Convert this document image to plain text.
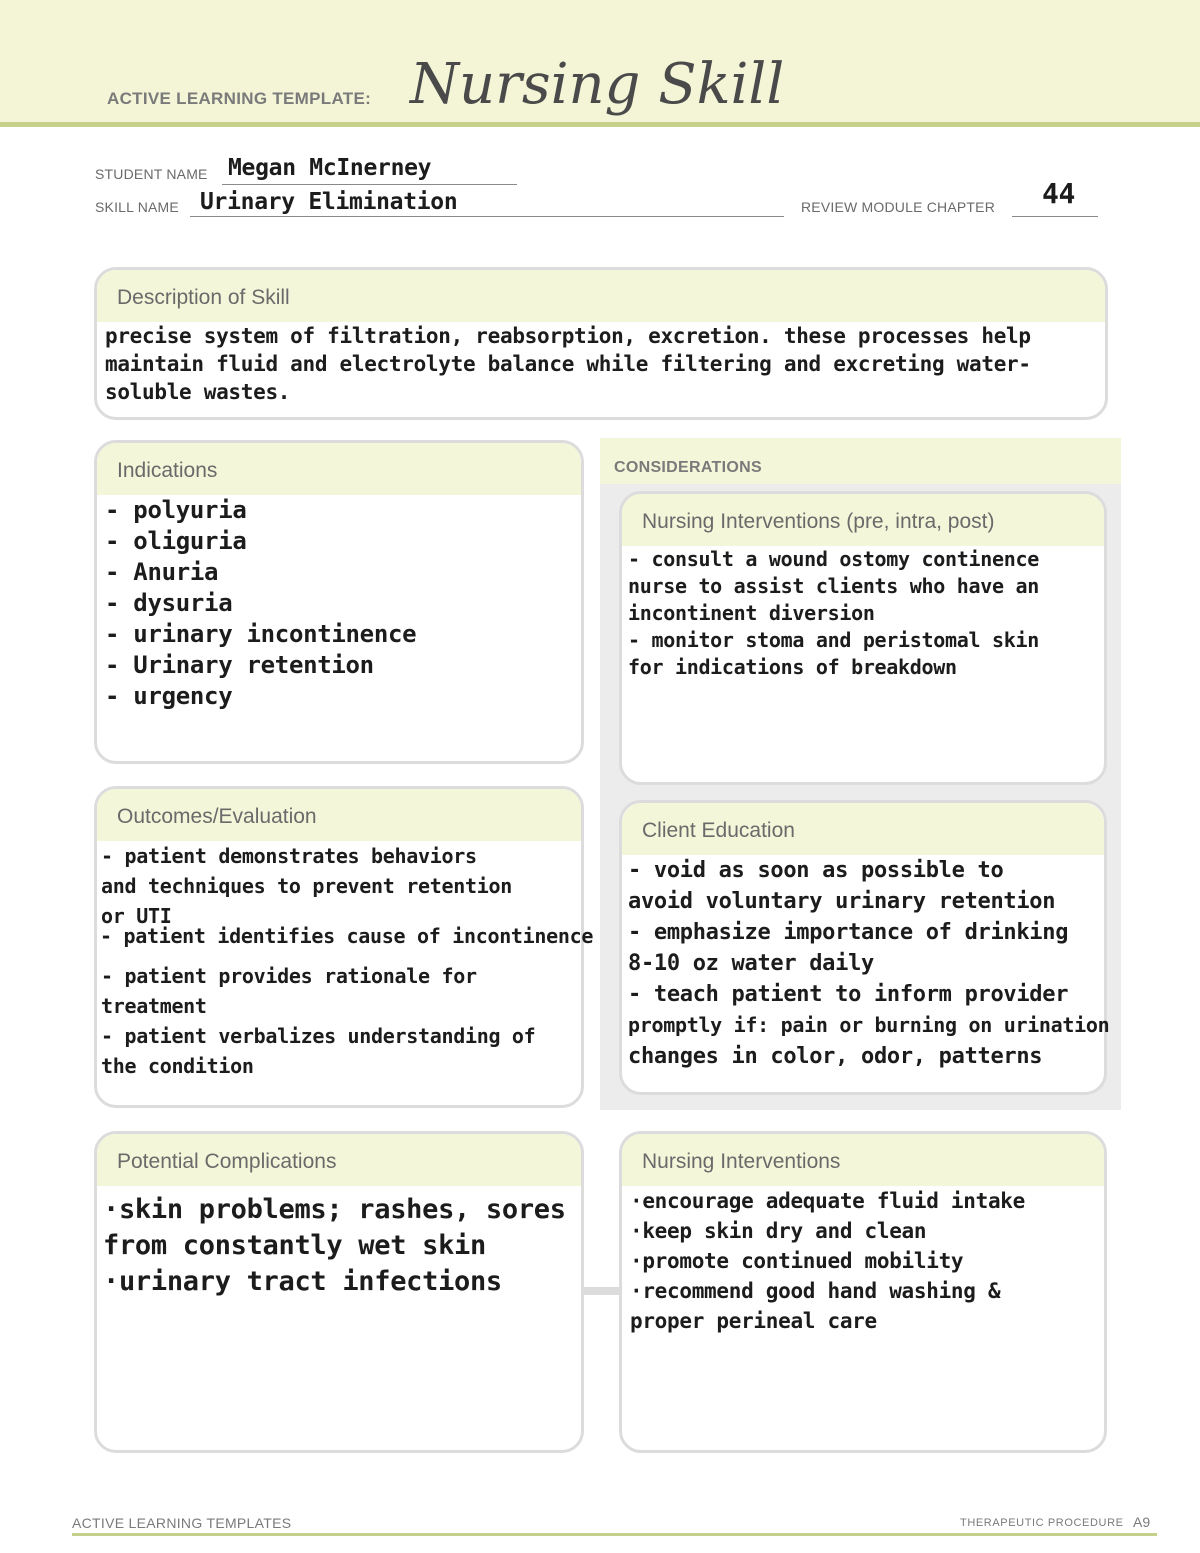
ACTIVE LEARNING TEMPLATE: Nursing Skill
STUDENT NAME Megan McInerney
SKILL NAME Urinary Elimination	REVIEW MODULE CHAPTER 44
Description of Skill
precise system of filtration, reabsorption, excretion. these processes help
maintain fluid and electrolyte balance while filtering and excreting water-
soluble wastes.
Indications
- polyuria
- oliguria
- Anuria
- dysuria
- urinary incontinence
- Urinary retention
- urgency
CONSIDERATIONS
Nursing Interventions (pre, intra, post)
- consult a wound ostomy continence
nurse to assist clients who have an
incontinent diversion
- monitor stoma and peristomal skin
for indications of breakdown
Outcomes/Evaluation
- patient demonstrates behaviors
and techniques to prevent retention
or UTI
- patient provides rationale for
treatment
- patient verbalizes understanding of
the condition
Client Education
- void as soon as possible to
avoid voluntary urinary retention
- emphasize importance of drinking
8-10 oz water daily
- teach patient to inform provider
promptly if: pain or burning on urination
changes in color, odor, patterns
- patient identifies cause of incontinence
Potential Complications
·skin problems; rashes, sores
from constantly wet skin
·urinary tract infections
Nursing Interventions
·encourage adequate fluid intake
·keep skin dry and clean
·promote continued mobility
·recommend good hand washing &
proper perineal care
ACTIVE LEARNING TEMPLATES	THERAPEUTIC PROCEDURE A9
